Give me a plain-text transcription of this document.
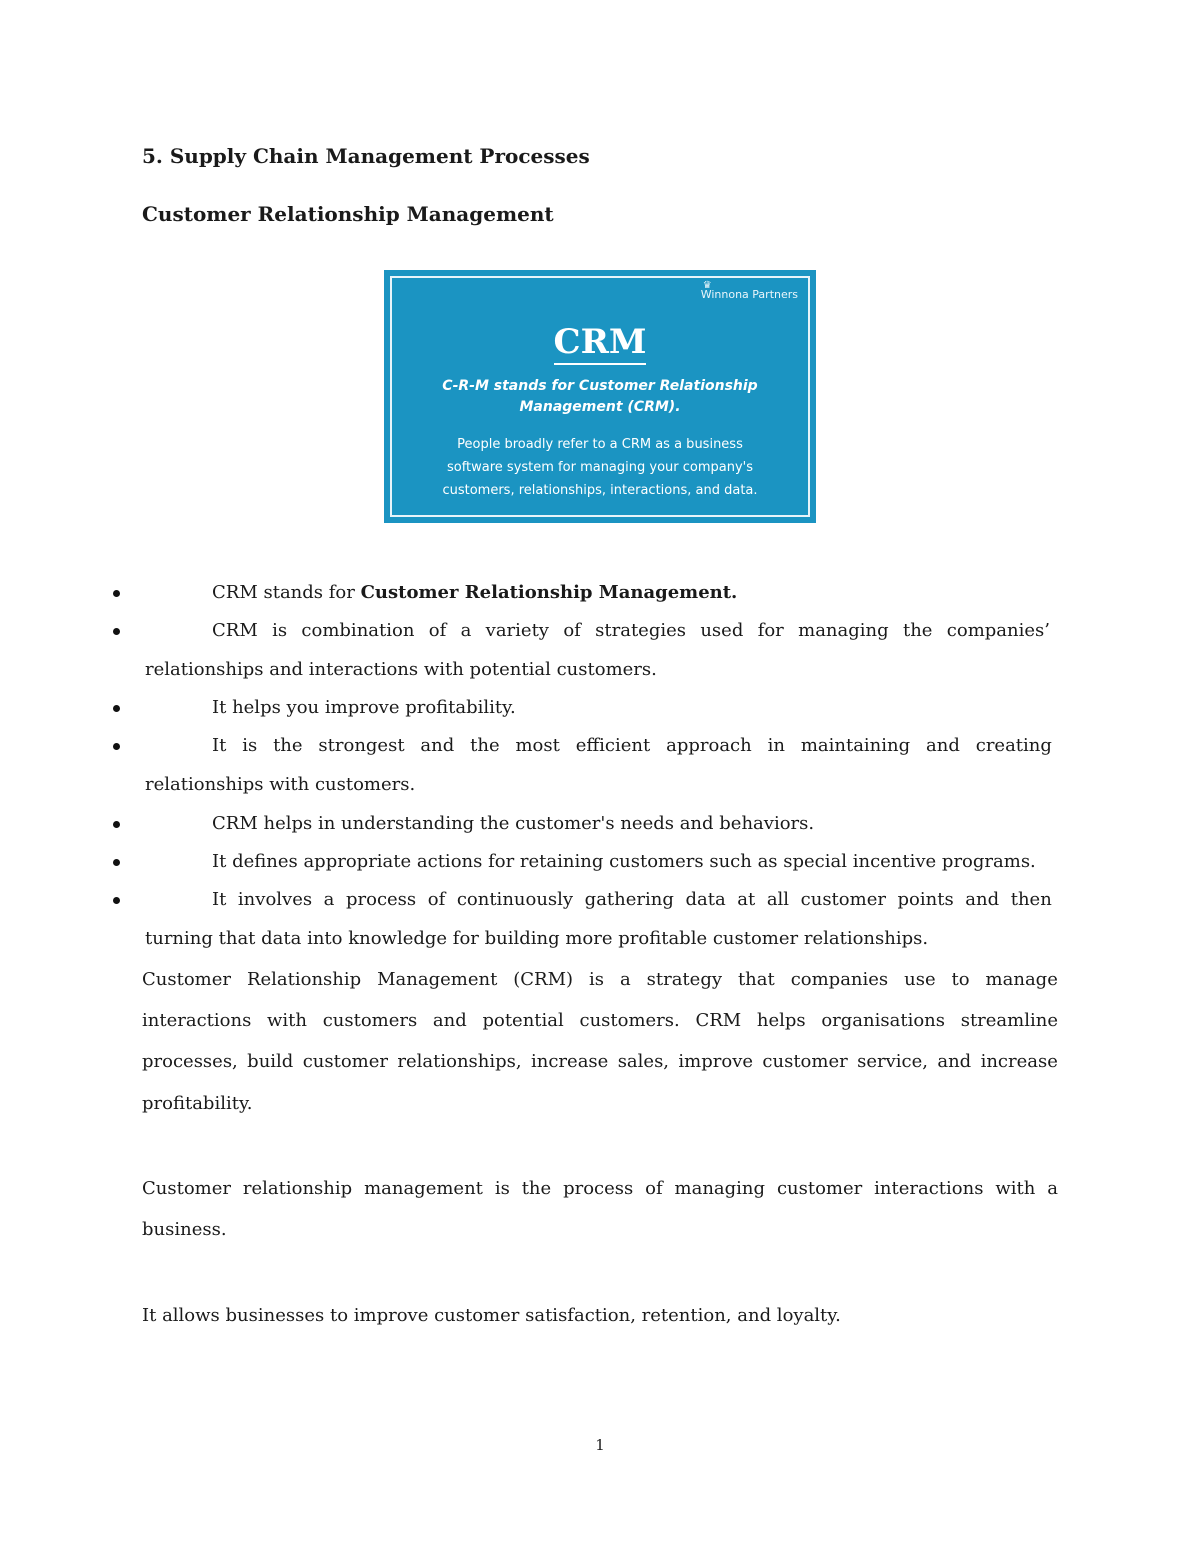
5. Supply Chain Management Processes
Customer Relationship Management
♛
Winnona Partners
CRM
C-R-M stands for Customer Relationship
Management (CRM).
People broadly refer to a CRM as a business
software system for managing your company's
customers, relationships, interactions, and data.
CRM stands for Customer Relationship Management.
CRM is combination of a variety of strategies used for managing the companies’
relationships and interactions with potential customers.
It helps you improve profitability.
It is the strongest and the most efficient approach in maintaining and creating
relationships with customers.
CRM helps in understanding the customer's needs and behaviors.
It defines appropriate actions for retaining customers such as special incentive programs.
It involves a process of continuously gathering data at all customer points and then
turning that data into knowledge for building more profitable customer relationships.
Customer Relationship Management (CRM) is a strategy that companies use to manage
interactions with customers and potential customers. CRM helps organisations streamline
processes, build customer relationships, increase sales, improve customer service, and increase
profitability.
Customer relationship management is the process of managing customer interactions with a
business.
It allows businesses to improve customer satisfaction, retention, and loyalty.
1
